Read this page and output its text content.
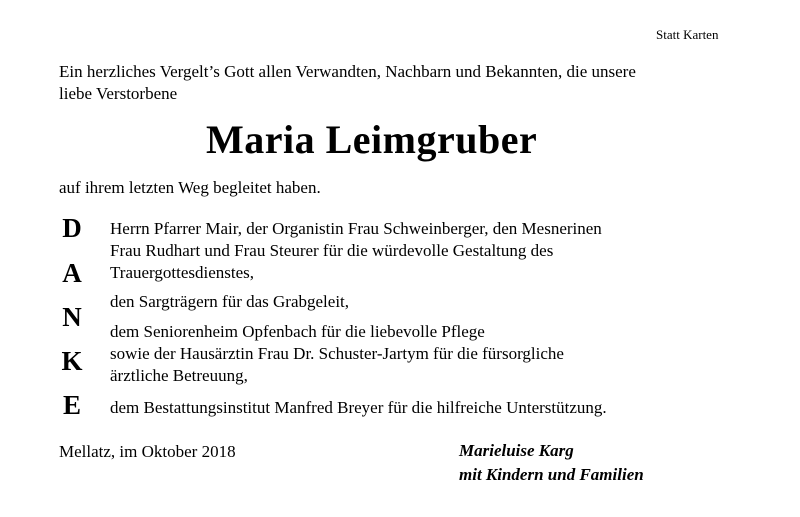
Statt Karten
Ein herzliches Vergelt’s Gott allen Verwandten, Nachbarn und Bekannten, die unsere
liebe Verstorbene
Maria Leimgruber
auf ihrem letzten Weg begleitet haben.
D
A
N
K
E
Herrn Pfarrer Mair, der Organistin Frau Schweinberger, den Mesnerinen
Frau Rudhart und Frau Steurer für die würdevolle Gestaltung des
Trauergottesdienstes,
den Sargträgern für das Grabgeleit,
dem Seniorenheim Opfenbach für die liebevolle Pflege
sowie der Hausärztin Frau Dr. Schuster-Jartym für die fürsorgliche
ärztliche Betreuung,
dem Bestattungsinstitut Manfred Breyer für die hilfreiche Unterstützung.
Mellatz, im Oktober 2018	Marieluise Karg
mit Kindern und Familien
